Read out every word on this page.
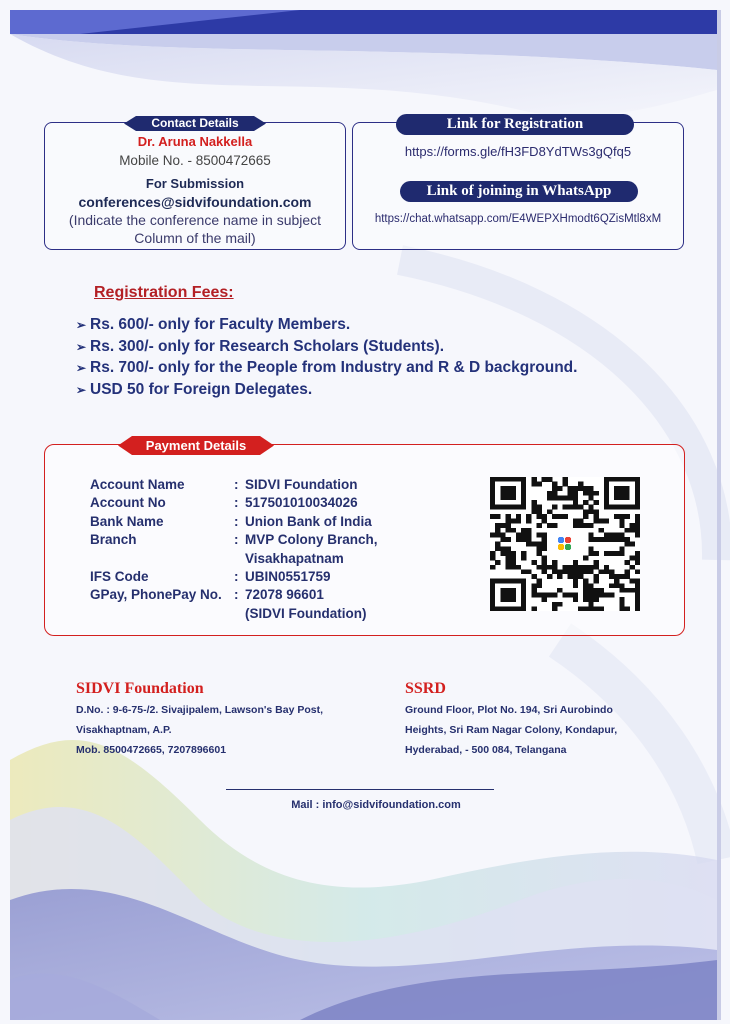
Contact Details
Dr. Aruna Nakkella
Mobile No. - 8500472665
For Submission
conferences@sidvifoundation.com
(Indicate the conference name in subject
Column of the mail)
Link for Registration
https://forms.gle/fH3FD8YdTWs3gQfq5
Link of joining in WhatsApp
https://chat.whatsapp.com/E4WEPXHmodt6QZisMtl8xM
Registration Fees:
➢ Rs. 600/- only for Faculty Members.
➢ Rs. 300/- only for Research Scholars (Students).
➢ Rs. 700/- only for the People from Industry and R & D background.
➢ USD 50 for Foreign Delegates.
Payment Details
Account Name	: SIDVI Foundation
Account No	: 517501010034026
Bank Name	: Union Bank of India
Branch	: MVP Colony Branch,
Visakhapatnam
IFS Code	: UBIN0551759
GPay, PhonePay No. : 72078 96601
(SIDVI Foundation)
SIDVI Foundation
D.No. : 9-6-75-/2. Sivajipalem, Lawson's Bay Post,
Visakhaptnam, A.P.
Mob. 8500472665, 7207896601
SSRD
Ground Floor, Plot No. 194, Sri Aurobindo
Heights, Sri Ram Nagar Colony, Kondapur,
Hyderabad, - 500 084, Telangana
Mail : info@sidvifoundation.com
